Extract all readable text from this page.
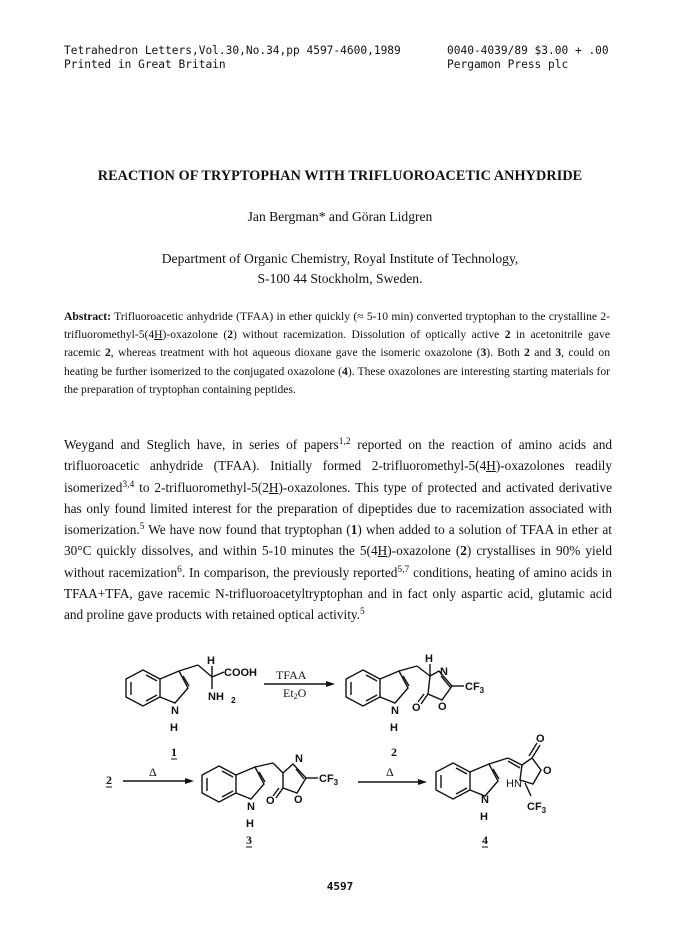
Tetrahedron Letters,Vol.30,No.34,pp 4597-4600,1989
Printed in Great Britain
0040-4039/89 $3.00 + .00
Pergamon Press plc
REACTION OF TRYPTOPHAN WITH TRIFLUOROACETIC ANHYDRIDE
Jan Bergman* and Göran Lidgren
Department of Organic Chemistry, Royal Institute of Technology,
S-100 44 Stockholm, Sweden.
Abstract: Trifluoroacetic anhydride (TFAA) in ether quickly (≈ 5-10 min) converted tryptophan to the crystalline 2-trifluoromethyl-5(4H)-oxazolone (2) without racemization. Dissolution of optically active 2 in acetonitrile gave racemic 2, whereas treatment with hot aqueous dioxane gave the isomeric oxazolone (3). Both 2 and 3, could on heating be further isomerized to the conjugated oxazolone (4). These oxazolones are interesting starting materials for the preparation of tryptophan containing peptides.

Weygand and Steglich have, in series of papers$^{1,2}$ reported on the reaction of amino acids and trifluoroacetic anhydride (TFAA). Initially formed 2-trifluoromethyl-5(4H)-oxazolones readily isomerized$^{3,4}$ to 2-trifluoromethyl-5(2H)-oxazolones. This type of protected and activated derivative has only found limited interest for the preparation of dipeptides due to racemization associated with isomerization.$^5$ We have now found that tryptophan (1) when added to a solution of TFAA in ether at 30°C quickly dissolves, and within 5-10 minutes the 5(4H)-oxazolone (2) crystallises in 90% yield without racemization$^6$. In comparison, the previously reported$^{5,7}$ conditions, heating of amino acids in TFAA+TFA, gave racemic N-trifluoroacetyltryptophan and in fact only aspartic acid, glutamic acid and proline gave products with retained optical activity.$^5$

N
H
H
COOH
NH 2
TFAA
Et2O
N
H
H
N
O
O
$CF_3$
1	2
2
Δ
N
H
N
O
O
$CF_3$
Δ
N
H
O
O
HN
$CF_3$
3	4
4597
